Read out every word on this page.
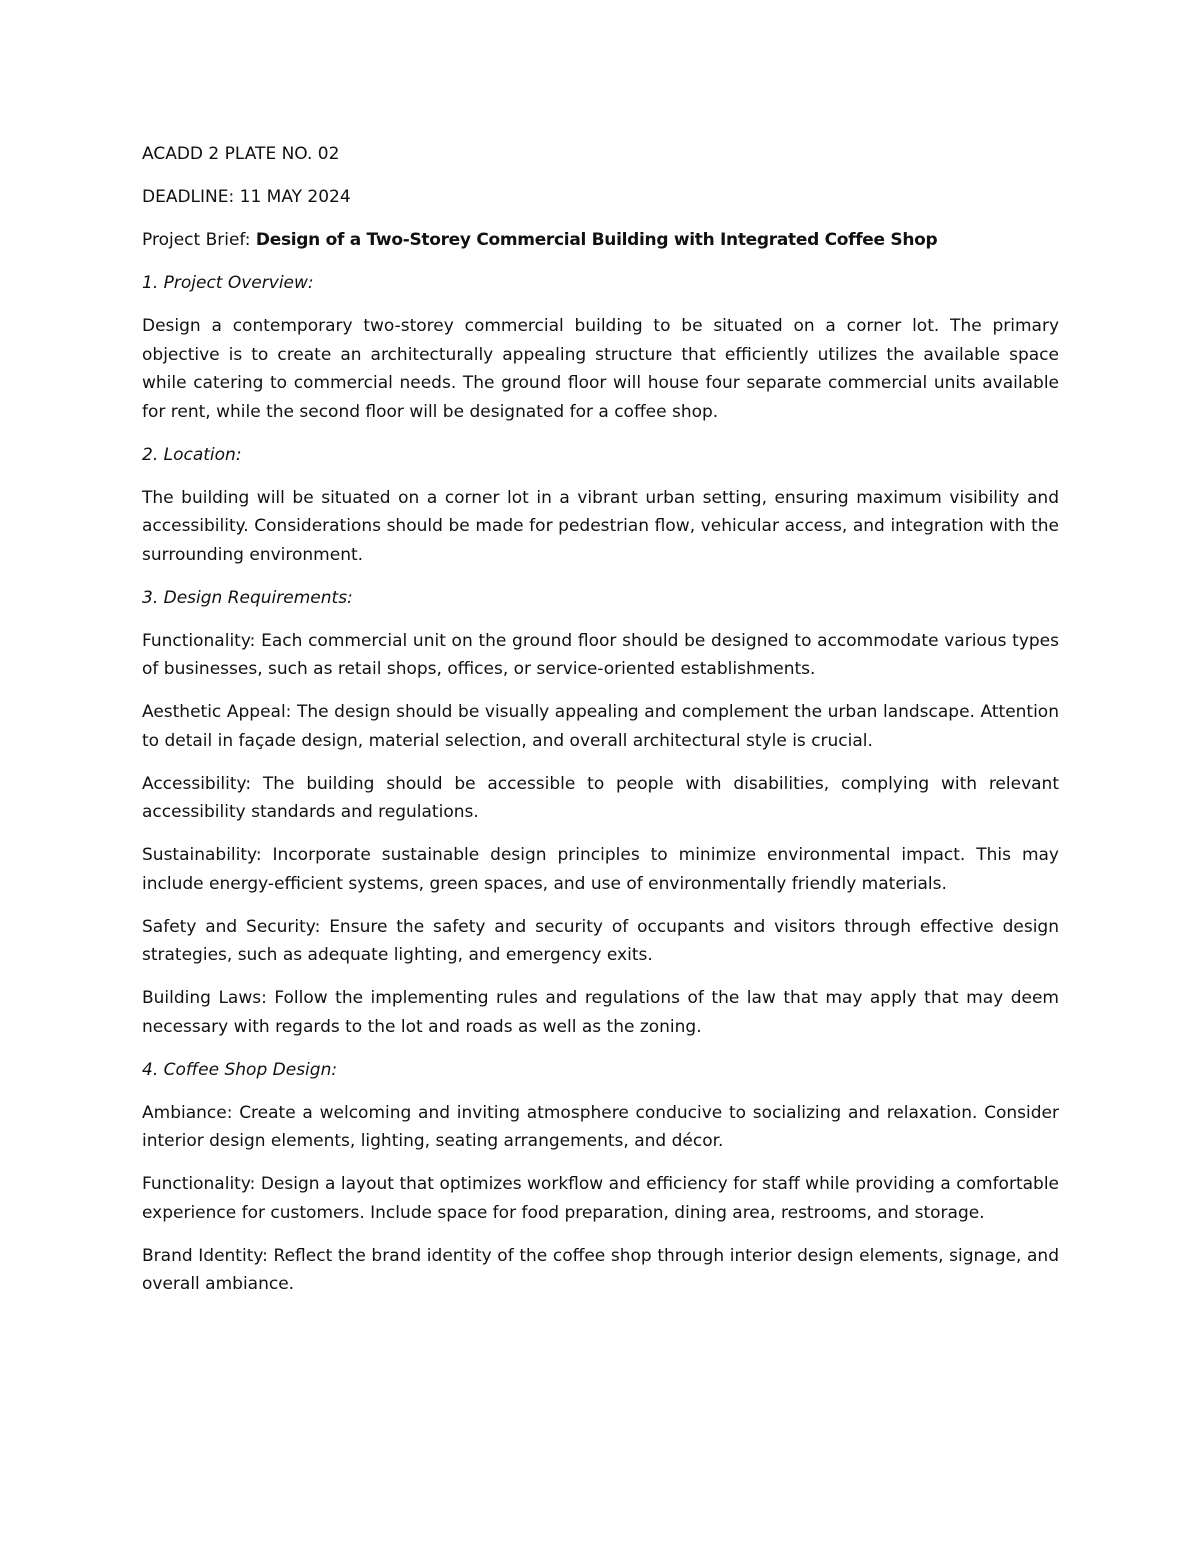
ACADD 2 PLATE NO. 02

DEADLINE: 11 MAY 2024

Project Brief: Design of a Two-Storey Commercial Building with Integrated Coffee Shop

1. Project Overview:

Design a contemporary two-storey commercial building to be situated on a corner lot. The primary objective is to create an architecturally appealing structure that efficiently utilizes the available space while catering to commercial needs. The ground floor will house four separate commercial units available for rent, while the second floor will be designated for a coffee shop.

2. Location:

The building will be situated on a corner lot in a vibrant urban setting, ensuring maximum visibility and accessibility. Considerations should be made for pedestrian flow, vehicular access, and integration with the surrounding environment.

3. Design Requirements:

Functionality: Each commercial unit on the ground floor should be designed to accommodate various types of businesses, such as retail shops, offices, or service-oriented establishments.

Aesthetic Appeal: The design should be visually appealing and complement the urban landscape. Attention to detail in façade design, material selection, and overall architectural style is crucial.

Accessibility: The building should be accessible to people with disabilities, complying with relevant accessibility standards and regulations.

Sustainability: Incorporate sustainable design principles to minimize environmental impact. This may include energy-efficient systems, green spaces, and use of environmentally friendly materials.

Safety and Security: Ensure the safety and security of occupants and visitors through effective design strategies, such as adequate lighting, and emergency exits.

Building Laws: Follow the implementing rules and regulations of the law that may apply that may deem necessary with regards to the lot and roads as well as the zoning.

4. Coffee Shop Design:

Ambiance: Create a welcoming and inviting atmosphere conducive to socializing and relaxation. Consider interior design elements, lighting, seating arrangements, and décor.

Functionality: Design a layout that optimizes workflow and efficiency for staff while providing a comfortable experience for customers. Include space for food preparation, dining area, restrooms, and storage.

Brand Identity: Reflect the brand identity of the coffee shop through interior design elements, signage, and overall ambiance.
